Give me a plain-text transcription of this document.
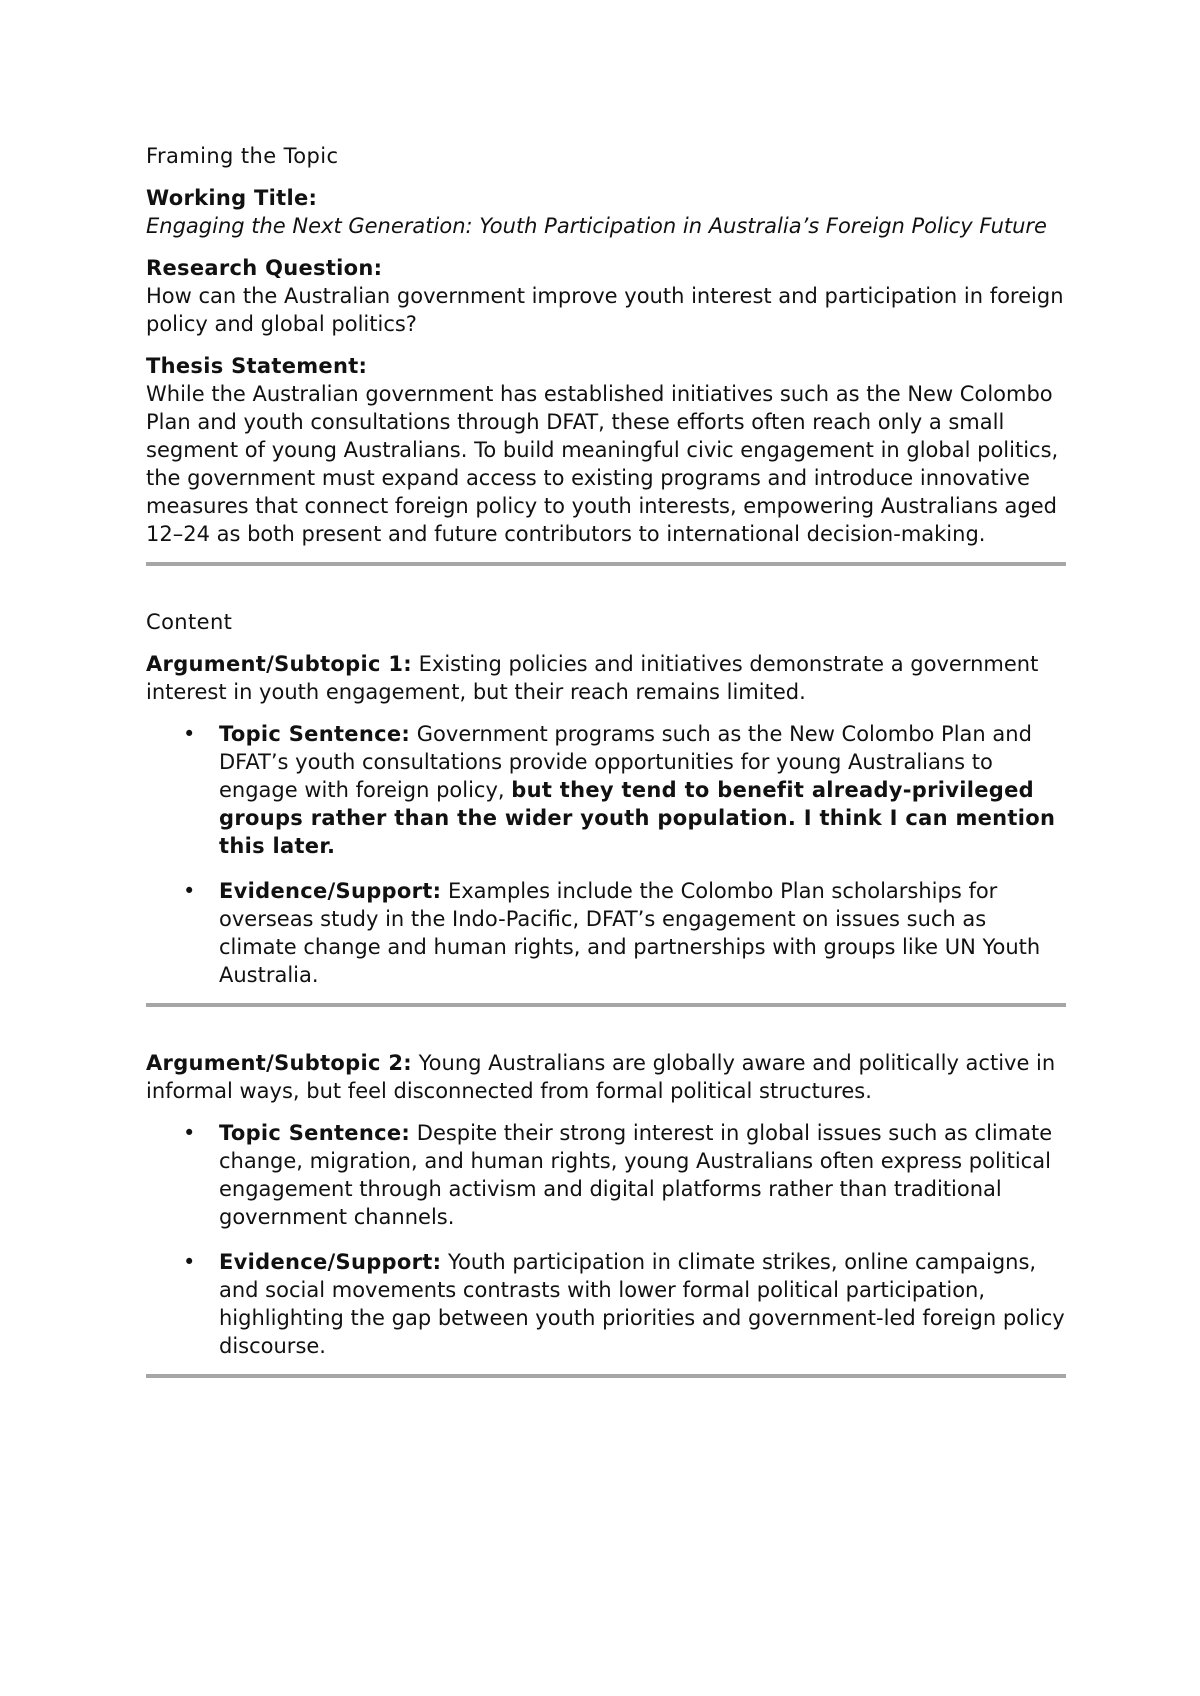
Framing the Topic
Working Title:
Engaging the Next Generation: Youth Participation in Australia’s Foreign Policy Future
Research Question:
How can the Australian government improve youth interest and participation in foreign policy and global politics?
Thesis Statement:
While the Australian government has established initiatives such as the New Colombo Plan and youth consultations through DFAT, these efforts often reach only a small segment of young Australians. To build meaningful civic engagement in global politics, the government must expand access to existing programs and introduce innovative measures that connect foreign policy to youth interests, empowering Australians aged 12–24 as both present and future contributors to international decision-making.
Content

Argument/Subtopic 1: Existing policies and initiatives demonstrate a government interest in youth engagement, but their reach remains limited.

• Topic Sentence: Government programs such as the New Colombo Plan and DFAT’s youth consultations provide opportunities for young Australians to engage with foreign policy, but they tend to benefit already-privileged groups rather than the wider youth population. I think I can mention this later.
• Evidence/Support: Examples include the Colombo Plan scholarships for overseas study in the Indo-Pacific, DFAT’s engagement on issues such as climate change and human rights, and partnerships with groups like UN Youth Australia.

Argument/Subtopic 2: Young Australians are globally aware and politically active in informal ways, but feel disconnected from formal political structures.

• Topic Sentence: Despite their strong interest in global issues such as climate change, migration, and human rights, young Australians often express political engagement through activism and digital platforms rather than traditional government channels.
• Evidence/Support: Youth participation in climate strikes, online campaigns, and social movements contrasts with lower formal political participation, highlighting the gap between youth priorities and government-led foreign policy discourse.
